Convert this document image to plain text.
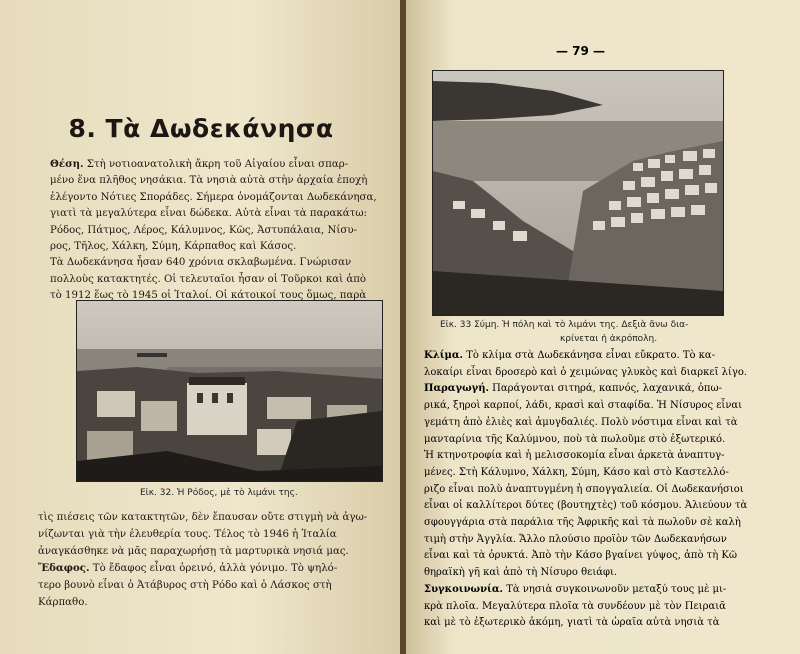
8. Τὰ Δωδεκάνησα
Θέση. Στὴ νοτιοανατολικὴ ἄκρη τοῦ Αἰγαίου εἶναι σπαρ-
μένο ἕνα πλῆθος νησάκια. Τὰ νησιὰ αὐτὰ στὴν ἀρχαία ἐποχὴ
ἐλέγοντο Νότιες Σποράδες. Σήμερα ὀνομάζονται Δωδεκάνησα,
γιατὶ τὰ μεγαλύτερα εἶναι δώδεκα. Αὐτὰ εἶναι τὰ παρακάτω:
Ρόδος, Πάτμος, Λέρος, Κάλυμνος, Κῶς, Ἀστυπάλαια, Νίσυ-
ρος, Τῆλος, Χάλκη, Σύμη, Κάρπαθος καὶ Κάσος.
Τὰ Δωδεκάνησα ἦσαν 640 χρόνια σκλαβωμένα. Γνώρισαν
πολλοὺς κατακτητές. Οἱ τελευταῖοι ἦσαν οἱ Τοῦρκοι καὶ ἀπὸ
τὸ 1912 ἕως τὸ 1945 οἱ Ἰταλοί. Οἱ κάτοικοί τους ὅμως, παρὰ
Εἰκ. 32. Ἡ Ρόδος, μὲ τὸ λιμάνι της.
τὶς πιέσεις τῶν κατακτητῶν, δὲν ἔπαυσαν οὔτε στιγμὴ νὰ ἀγω-
νίζωνται γιὰ τὴν ἐλευθερία τους. Τέλος τὸ 1946 ἡ Ἰταλία
ἀναγκάσθηκε νὰ μᾶς παραχωρήσῃ τὰ μαρτυρικὰ νησιά μας.
Ἔδαφος. Τὸ ἔδαφος εἶναι ὀρεινό, ἀλλὰ γόνιμο. Τὸ ψηλό-
τερο βουνὸ εἶναι ὁ Ἀτάβυρος στὴ Ρόδο καὶ ὁ Λάσκος στὴ
Κάρπαθο.
— 79 —
Εἰκ. 33 Σύμη. Ἡ πόλη καὶ τὸ λιμάνι της. Δεξιὰ ἄνω δια-
κρίνεται ἡ ἀκρόπολη.
Κλίμα. Τὸ κλίμα στὰ Δωδεκάνησα εἶναι εὔκρατο. Τὸ κα-
λοκαίρι εἶναι δροσερὸ καὶ ὁ χειμώνας γλυκὸς καὶ διαρκεῖ λίγο.
Παραγωγή. Παράγονται σιτηρά, καπνός, λαχανικά, ὀπω-
ρικά, ξηροὶ καρποί, λάδι, κρασὶ καὶ σταφίδα. Ἡ Νίσυρος εἶναι
γεμάτη ἀπὸ ἐλιὲς καὶ ἀμυγδαλιές. Πολὺ νόστιμα εἶναι καὶ τὰ
μανταρίνια τῆς Καλύμνου, ποὺ τὰ πωλοῦμε στὸ ἐξωτερικό.
Ἡ κτηνοτροφία καὶ ἡ μελισσοκομία εἶναι ἀρκετὰ ἀναπτυγ-
μένες. Στὴ Κάλυμνο, Χάλκη, Σύμη, Κάσο καὶ στὸ Καστελλό-
ριζο εἶναι πολὺ ἀναπτυγμένη ἡ σπογγαλιεία. Οἱ Δωδεκανήσιοι
εἶναι οἱ καλλίτεροι δύτες (βουτηχτὲς) τοῦ κόσμου. Ἀλιεύουν τὰ
σφουγγάρια στὰ παράλια τῆς Ἀφρικῆς καὶ τὰ πωλοῦν σὲ καλὴ
τιμὴ στὴν Ἀγγλία. Ἄλλο πλούσιο προϊὸν τῶν Δωδεκανήσων
εἶναι καὶ τὰ ὀρυκτά. Ἀπὸ τὴν Κάσο βγαίνει γύψος, ἀπὸ τὴ Κῶ
θηραϊκὴ γῆ καὶ ἀπὸ τὴ Νίσυρο θειάφι.
Συγκοινωνία. Τὰ νησιὰ συγκοινωνοῦν μεταξύ τους μὲ μι-
κρὰ πλοῖα. Μεγαλύτερα πλοῖα τὰ συνδέουν μὲ τὸν Πειραιᾶ
καὶ μὲ τὸ ἐξωτερικὸ ἀκόμη, γιατὶ τὰ ὡραῖα αὐτὰ νησιὰ τὰ
